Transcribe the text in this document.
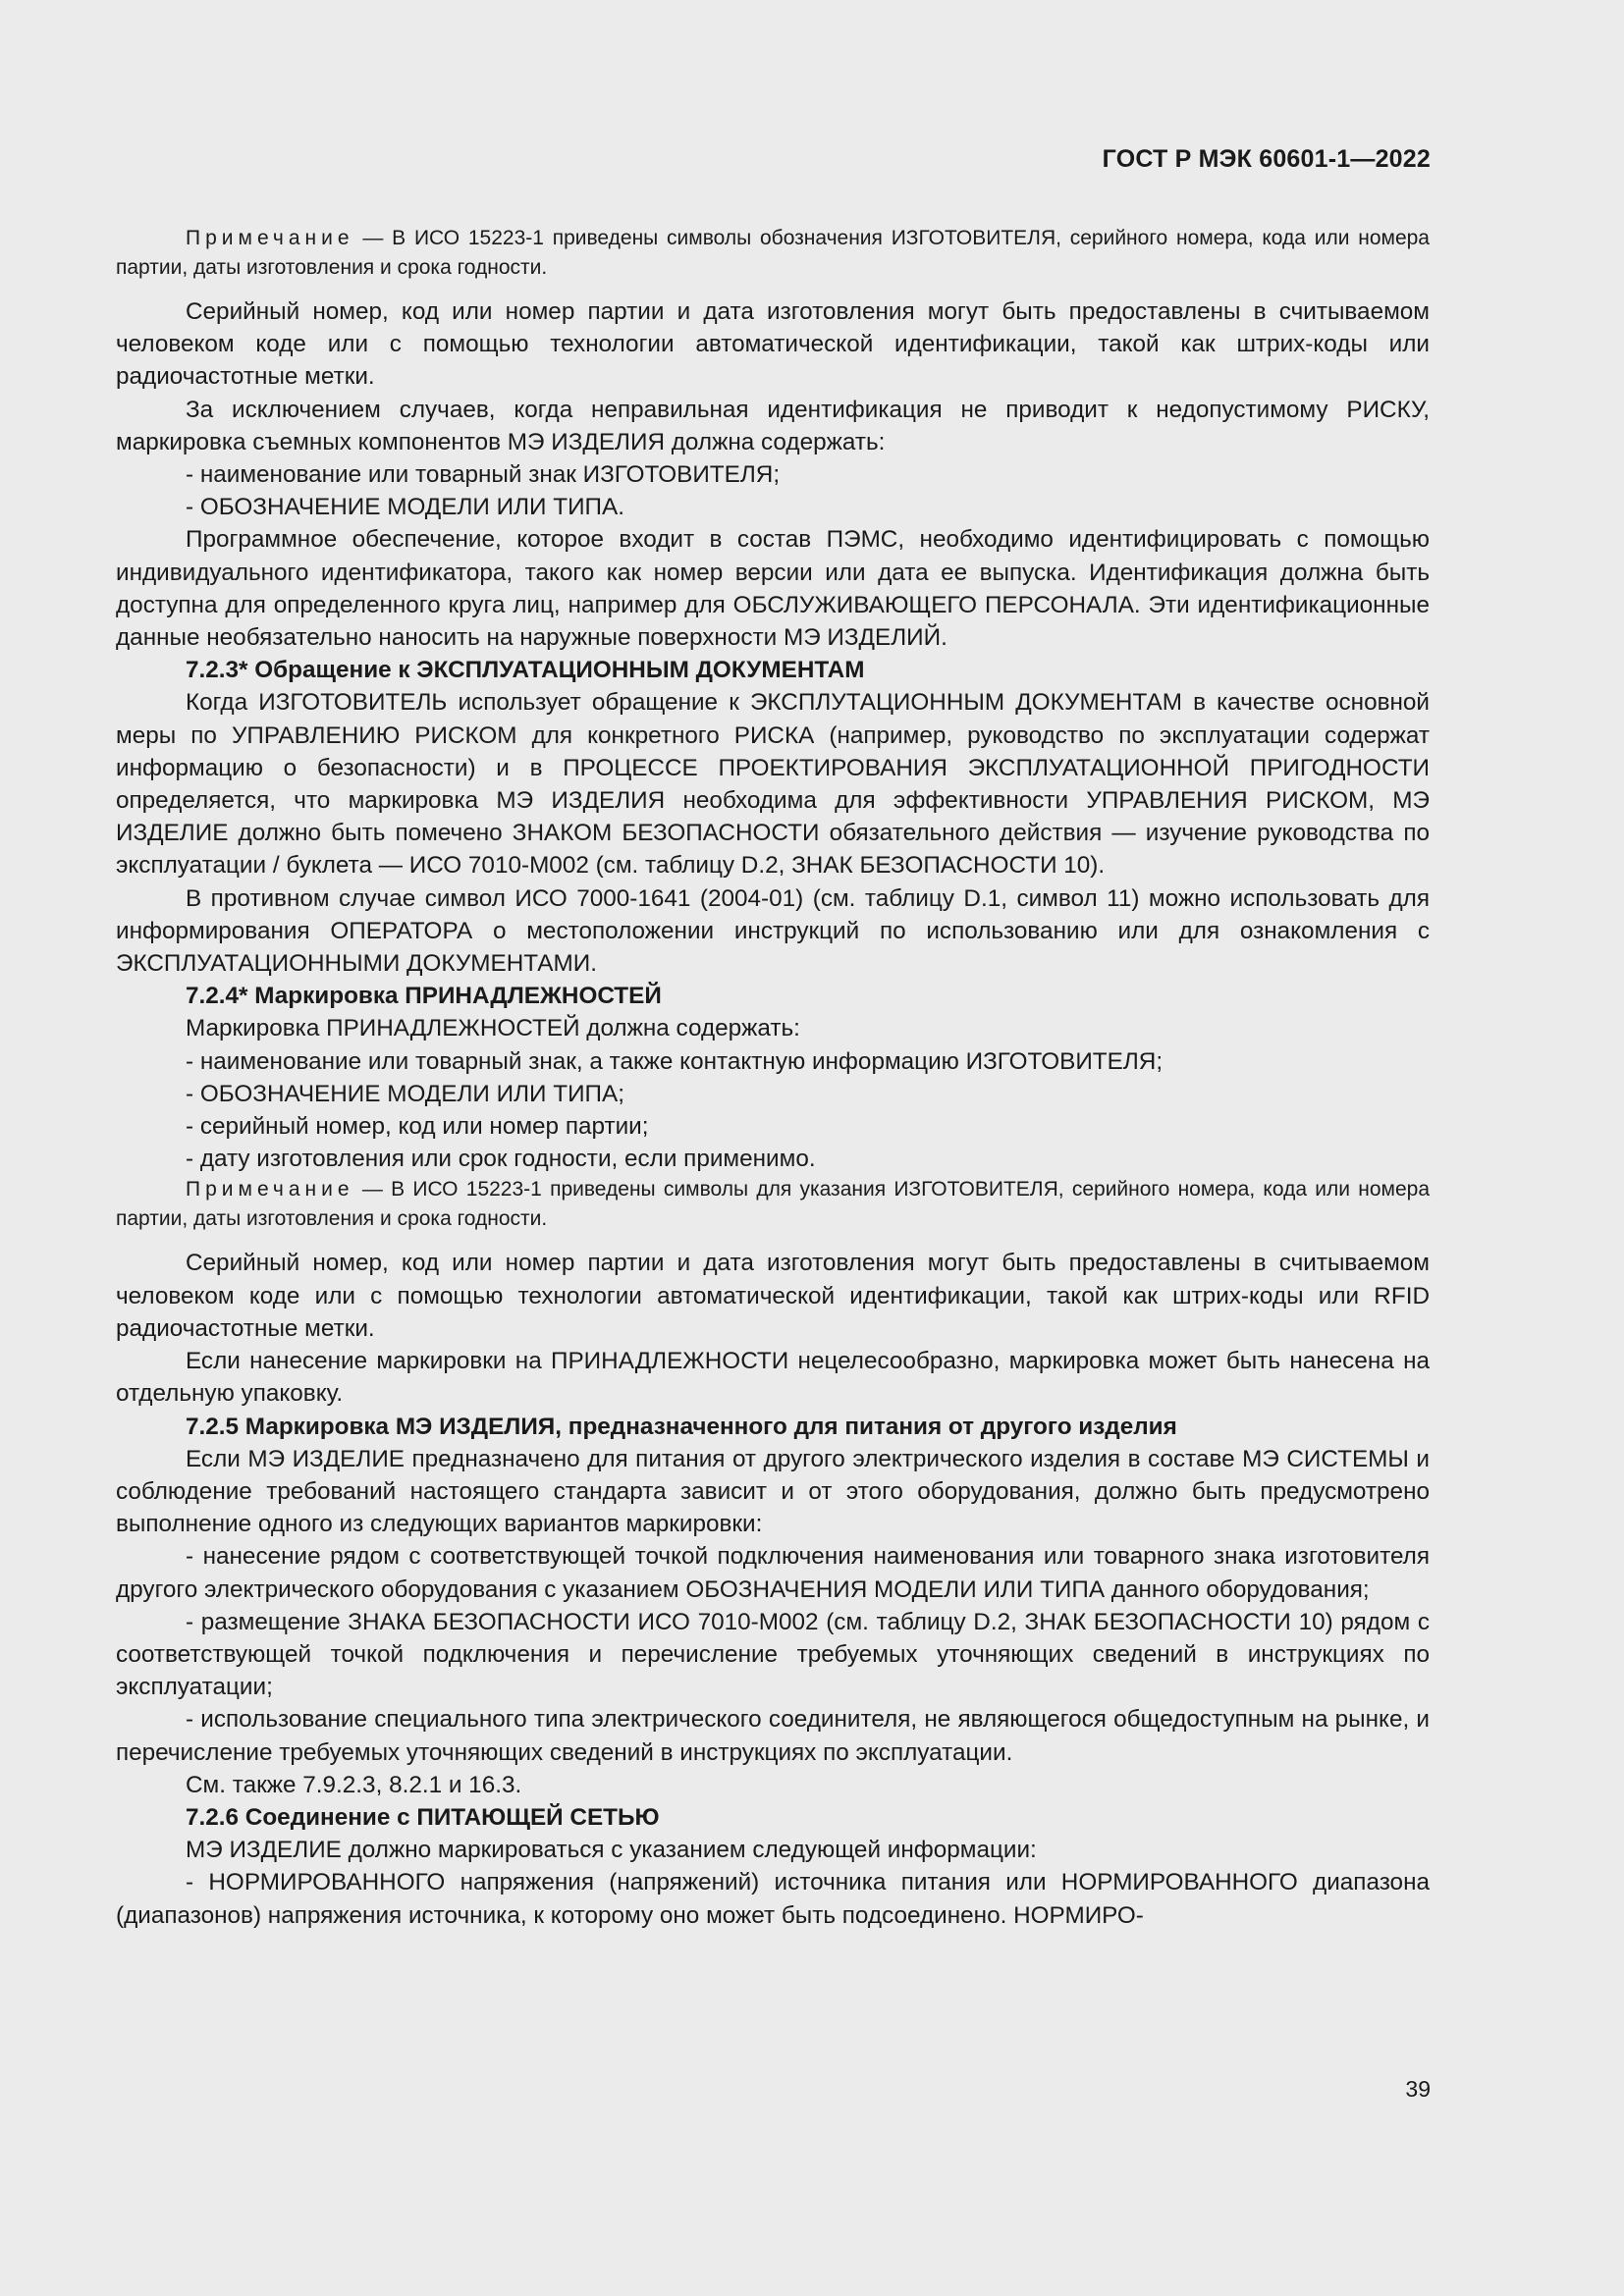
ГОСТ Р МЭК 60601-1—2022

Примечание — В ИСО 15223-1 приведены символы обозначения ИЗГОТОВИТЕЛЯ, серийного номера, кода или номера партии, даты изготовления и срока годности.

Серийный номер, код или номер партии и дата изготовления могут быть предоставлены в считываемом человеком коде или с помощью технологии автоматической идентификации, такой как штрих-коды или радиочастотные метки.

За исключением случаев, когда неправильная идентификация не приводит к недопустимому РИСКУ, маркировка съемных компонентов МЭ ИЗДЕЛИЯ должна содержать:

- наименование или товарный знак ИЗГОТОВИТЕЛЯ;

- ОБОЗНАЧЕНИЕ МОДЕЛИ ИЛИ ТИПА.

Программное обеспечение, которое входит в состав ПЭМС, необходимо идентифицировать с помощью индивидуального идентификатора, такого как номер версии или дата ее выпуска. Идентификация должна быть доступна для определенного круга лиц, например для ОБСЛУЖИВАЮЩЕГО ПЕРСОНАЛА. Эти идентификационные данные необязательно наносить на наружные поверхности МЭ ИЗДЕЛИЙ.

7.2.3* Обращение к ЭКСПЛУАТАЦИОННЫМ ДОКУМЕНТАМ

Когда ИЗГОТОВИТЕЛЬ использует обращение к ЭКСПЛУТАЦИОННЫМ ДОКУМЕНТАМ в качестве основной меры по УПРАВЛЕНИЮ РИСКОМ для конкретного РИСКА (например, руководство по эксплуатации содержат информацию о безопасности) и в ПРОЦЕССЕ ПРОЕКТИРОВАНИЯ ЭКСПЛУАТАЦИОННОЙ ПРИГОДНОСТИ определяется, что маркировка МЭ ИЗДЕЛИЯ необходима для эффективности УПРАВЛЕНИЯ РИСКОМ, МЭ ИЗДЕЛИЕ должно быть помечено ЗНАКОМ БЕЗОПАСНОСТИ обязательного действия — изучение руководства по эксплуатации / буклета — ИСО 7010-М002 (см. таблицу D.2, ЗНАК БЕЗОПАСНОСТИ 10).

В противном случае символ ИСО 7000-1641 (2004-01) (см. таблицу D.1, символ 11) можно использовать для информирования ОПЕРАТОРА о местоположении инструкций по использованию или для ознакомления с ЭКСПЛУАТАЦИОННЫМИ ДОКУМЕНТАМИ.

7.2.4* Маркировка ПРИНАДЛЕЖНОСТЕЙ

Маркировка ПРИНАДЛЕЖНОСТЕЙ должна содержать:

- наименование или товарный знак, а также контактную информацию ИЗГОТОВИТЕЛЯ;

- ОБОЗНАЧЕНИЕ МОДЕЛИ ИЛИ ТИПА;

- серийный номер, код или номер партии;

- дату изготовления или срок годности, если применимо.

Примечание — В ИСО 15223-1 приведены символы для указания ИЗГОТОВИТЕЛЯ, серийного номера, кода или номера партии, даты изготовления и срока годности.

Серийный номер, код или номер партии и дата изготовления могут быть предоставлены в считываемом человеком коде или с помощью технологии автоматической идентификации, такой как штрих-коды или RFID радиочастотные метки.

Если нанесение маркировки на ПРИНАДЛЕЖНОСТИ нецелесообразно, маркировка может быть нанесена на отдельную упаковку.

7.2.5 Маркировка МЭ ИЗДЕЛИЯ, предназначенного для питания от другого изделия

Если МЭ ИЗДЕЛИЕ предназначено для питания от другого электрического изделия в составе МЭ СИСТЕМЫ и соблюдение требований настоящего стандарта зависит и от этого оборудования, должно быть предусмотрено выполнение одного из следующих вариантов маркировки:

- нанесение рядом с соответствующей точкой подключения наименования или товарного знака изготовителя другого электрического оборудования с указанием ОБОЗНАЧЕНИЯ МОДЕЛИ ИЛИ ТИПА данного оборудования;

- размещение ЗНАКА БЕЗОПАСНОСТИ ИСО 7010-М002 (см. таблицу D.2, ЗНАК БЕЗОПАСНОСТИ 10) рядом с соответствующей точкой подключения и перечисление требуемых уточняющих сведений в инструкциях по эксплуатации;

- использование специального типа электрического соединителя, не являющегося общедоступным на рынке, и перечисление требуемых уточняющих сведений в инструкциях по эксплуатации.

См. также 7.9.2.3, 8.2.1 и 16.3.

7.2.6 Соединение с ПИТАЮЩЕЙ СЕТЬЮ

МЭ ИЗДЕЛИЕ должно маркироваться с указанием следующей информации:

- НОРМИРОВАННОГО напряжения (напряжений) источника питания или НОРМИРОВАННОГО диапазона (диапазонов) напряжения источника, к которому оно может быть подсоединено. НОРМИРО-

39
